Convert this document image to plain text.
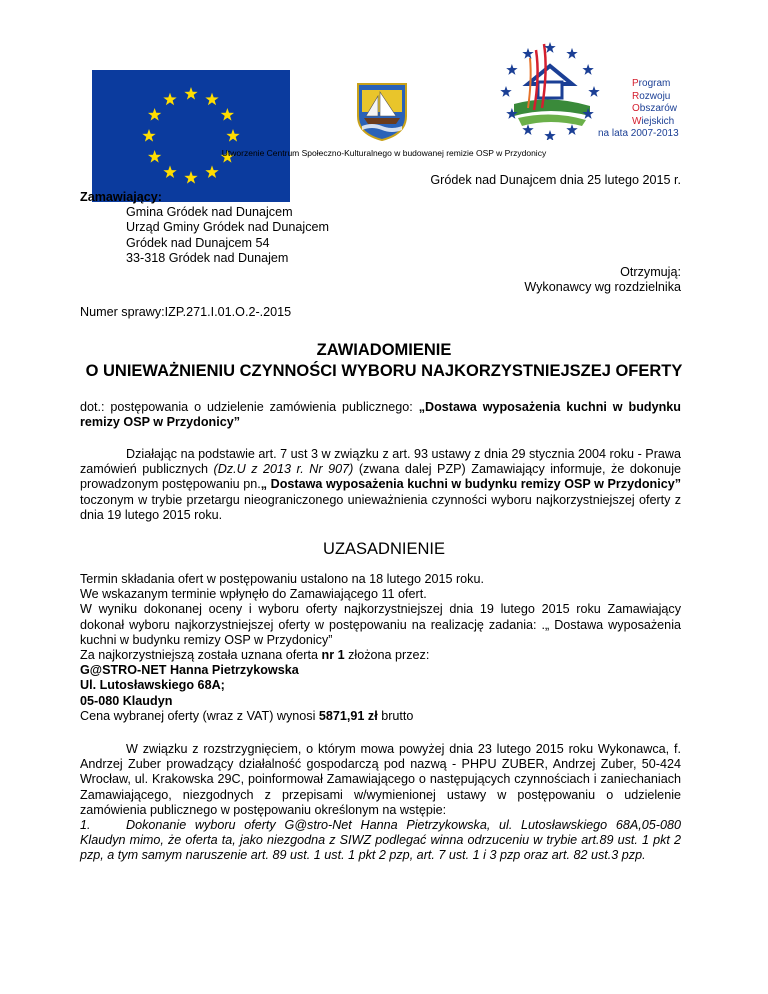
Program
Rozwoju
Obszarów
Wiejskich
na lata 2007-2013
Utworzenie Centrum Społeczno-Kulturalnego w budowanej remizie OSP w Przydonicy
Gródek nad Dunajcem dnia 25 lutego 2015 r.
Zamawiający:
Gmina Gródek nad Dunajcem
Urząd Gminy Gródek nad Dunajcem
Gródek nad Dunajcem 54
33-318 Gródek nad Dunajem
Otrzymują:
Wykonawcy wg rozdzielnika
Numer sprawy:IZP.271.I.01.O.2-.2015
ZAWIADOMIENIE
O UNIEWAŻNIENIU CZYNNOŚCI WYBORU NAJKORZYSTNIEJSZEJ OFERTY
dot.: postępowania o udzielenie zamówienia publicznego: „Dostawa wyposażenia kuchni w budynku remizy OSP w Przydonicy”
Działając na podstawie art. 7 ust 3 w związku z art. 93 ustawy z dnia 29 stycznia 2004 roku - Prawa zamówień publicznych (Dz.U z 2013 r. Nr 907) (zwana dalej PZP) Zamawiający informuje, że dokonuje prowadzonym postępowaniu pn.„ Dostawa wyposażenia kuchni w budynku remizy OSP w Przydonicy” toczonym w trybie przetargu nieograniczonego unieważnienia czynności wyboru najkorzystniejszej oferty z dnia 19 lutego 2015 roku.
UZASADNIENIE
Termin składania ofert w postępowaniu ustalono na 18 lutego 2015 roku.
We wskazanym terminie wpłynęło do Zamawiającego 11 ofert.
W wyniku dokonanej oceny i wyboru oferty najkorzystniejszej dnia 19 lutego 2015 roku Zamawiający dokonał wyboru najkorzystniejszej oferty w postępowaniu na realizację zadania: .„ Dostawa wyposażenia kuchni w budynku remizy OSP w Przydonicy”
Za najkorzystniejszą została uznana oferta nr 1 złożona przez:
G@STRO-NET Hanna Pietrzykowska
Ul. Lutosławskiego 68A;
05-080 Klaudyn
Cena wybranej oferty (wraz z VAT) wynosi 5871,91 zł brutto
W związku z rozstrzygnięciem, o którym mowa powyżej dnia 23 lutego 2015 roku Wykonawca, f. Andrzej Zuber prowadzący działalność gospodarczą pod nazwą - PHPU ZUBER, Andrzej Zuber, 50-424 Wrocław, ul. Krakowska 29C, poinformował Zamawiającego o następujących czynnościach i zaniechaniach Zamawiającego, niezgodnych z przepisami w/wymienionej ustawy w postępowaniu o udzielenie zamówienia publicznego w postępowaniu określonym na wstępie:
1.	Dokonanie wyboru oferty G@stro-Net Hanna Pietrzykowska, ul. Lutosławskiego 68A,05-080 Klaudyn mimo, że oferta ta, jako niezgodna z SIWZ podlegać winna odrzuceniu w trybie art.89 ust. 1 pkt 2 pzp, a tym samym naruszenie art. 89 ust. 1 ust. 1 pkt 2 pzp, art. 7 ust. 1 i 3 pzp oraz art. 82 ust.3 pzp.
